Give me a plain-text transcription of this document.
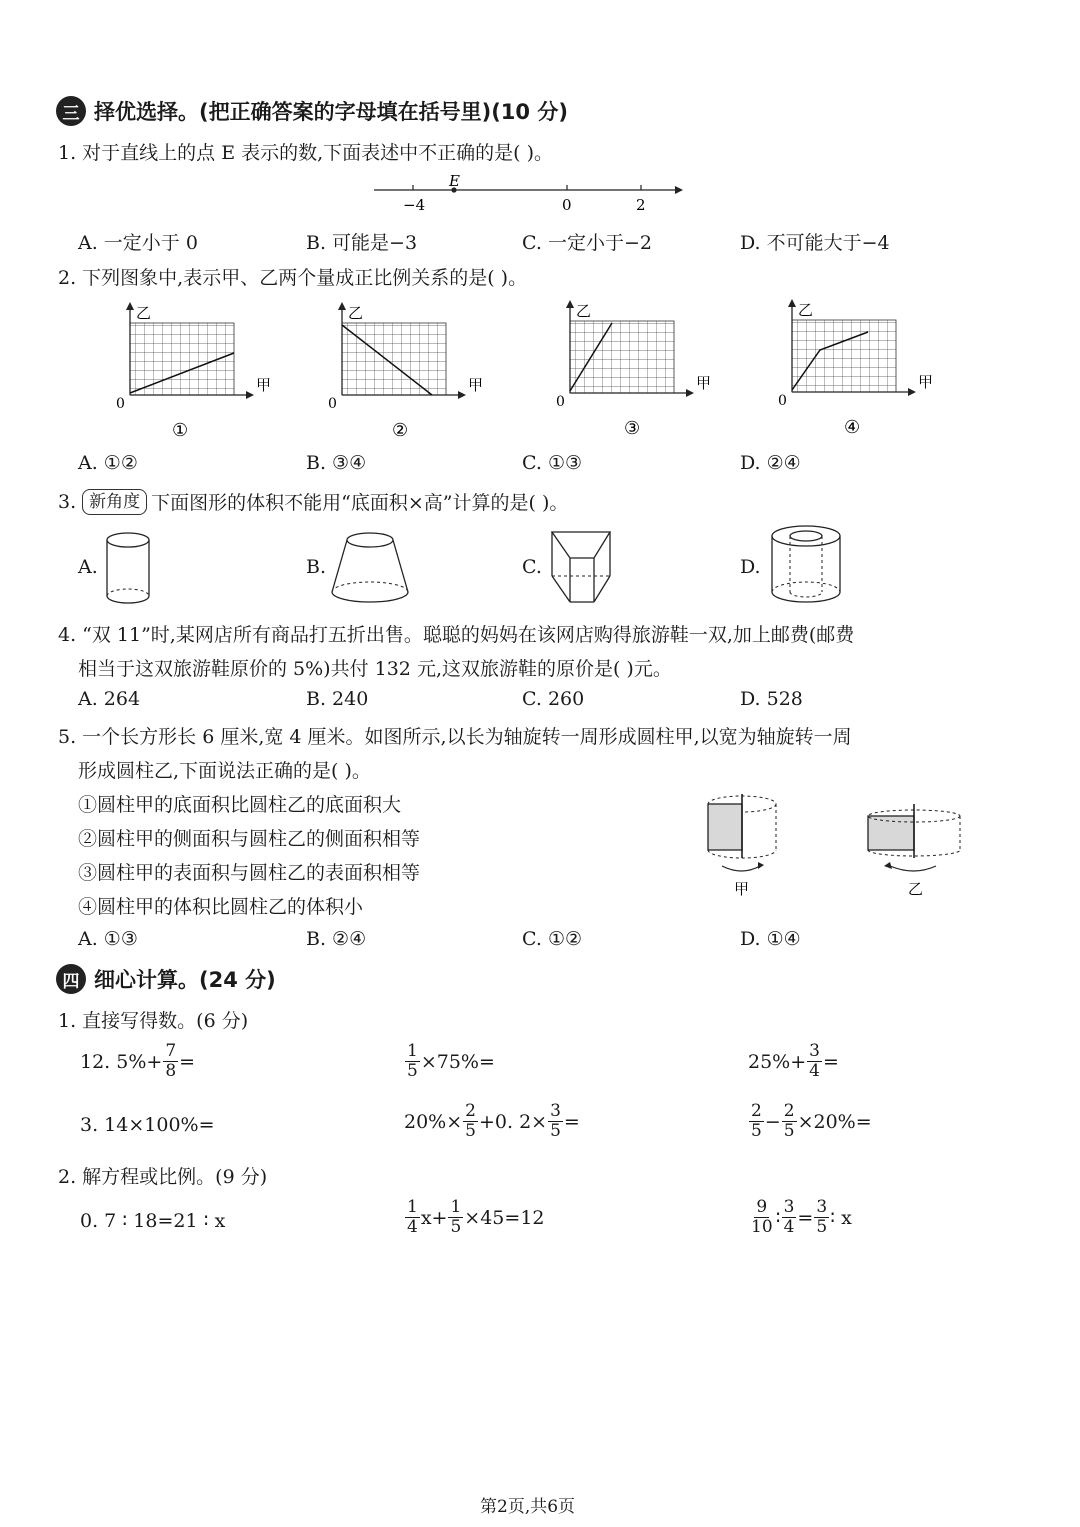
三 择优选择。(把正确答案的字母填在括号里)(10 分)
1. 对于直线上的点 E 表示的数,下面表述中不正确的是( )。
E
−4	0	2
A. 一定小于 0	B. 可能是−3	C. 一定小于−2	D. 不可能大于−4
2. 下列图象中,表示甲、乙两个量成正比例关系的是( )。
乙
甲
0
①
乙
甲
0
②
乙
甲
0
③
乙
甲
0
④
A. ①②	B. ③④	C. ①③	D. ②④
3. 新角度 下面图形的体积不能用“底面积×高”计算的是( )。
A.	B.	C.	D.
4. “双 11”时,某网店所有商品打五折出售。聪聪的妈妈在该网店购得旅游鞋一双,加上邮费(邮费
相当于这双旅游鞋原价的 5%)共付 132 元,这双旅游鞋的原价是( )元。
A. 264	B. 240	C. 260	D. 528
5. 一个长方形长 6 厘米,宽 4 厘米。如图所示,以长为轴旋转一周形成圆柱甲,以宽为轴旋转一周
形成圆柱乙,下面说法正确的是( )。
①圆柱甲的底面积比圆柱乙的底面积大
②圆柱甲的侧面积与圆柱乙的侧面积相等
③圆柱甲的表面积与圆柱乙的表面积相等
④圆柱甲的体积比圆柱乙的体积小
甲	乙
A. ①③	B. ②④	C. ①②	D. ①④
四 细心计算。(24 分)
1. 直接写得数。(6 分)
12. $5\%+ \frac{7}{8}$ =	$\frac{1}{5} \times 75\%=$	$25\%+ \frac{3}{4}$ =
3. 14×100%=	$20\%\times \frac{2}{5} +0$. $2\times \frac{3}{5}$ =	$\frac{2}{5} - \frac{2}{5} \times 20\%=$
2. 解方程或比例。(9 分)
0. 7 ∶ 18=21 ∶ x	$\frac{1}{4} x+ \frac{1}{5} \times 45=12$	$\frac{9}{10}$ ∶ $\frac{3}{4} = \frac{3}{5}$ ∶ x
第2页,共6页
